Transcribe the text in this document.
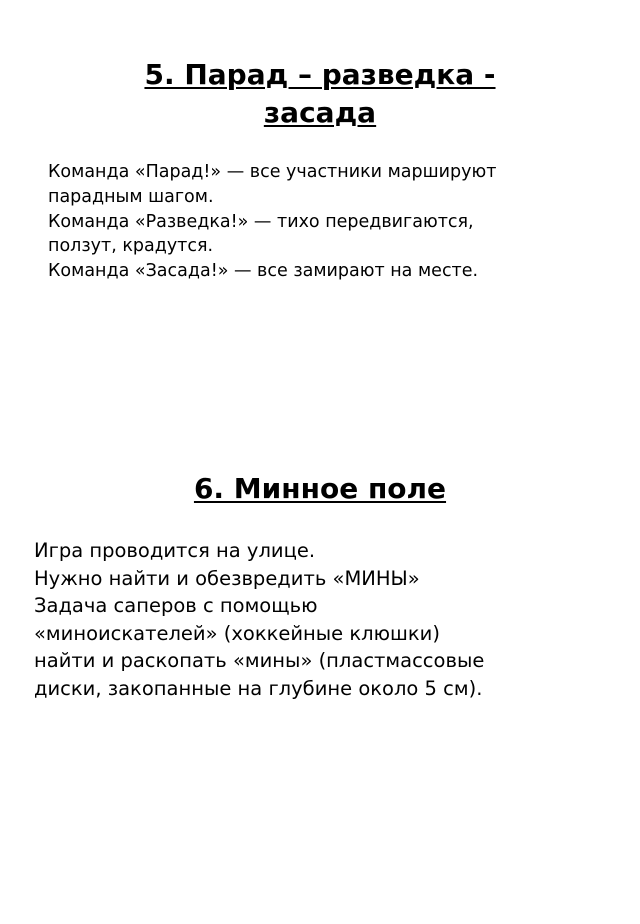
5. Парад – разведка -
засада
Команда «Парад!» — все участники маршируют
парадным шагом.
Команда «Разведка!» — тихо передвигаются,
ползут, крадутся.
Команда «Засада!» — все замирают на месте.
6. Минное поле
Игра проводится на улице.
Нужно найти и обезвредить «МИНЫ»
Задача саперов с помощью
«миноискателей» (хоккейные клюшки)
найти и раскопать «мины» (пластмассовые
диски, закопанные на глубине около 5 см).
